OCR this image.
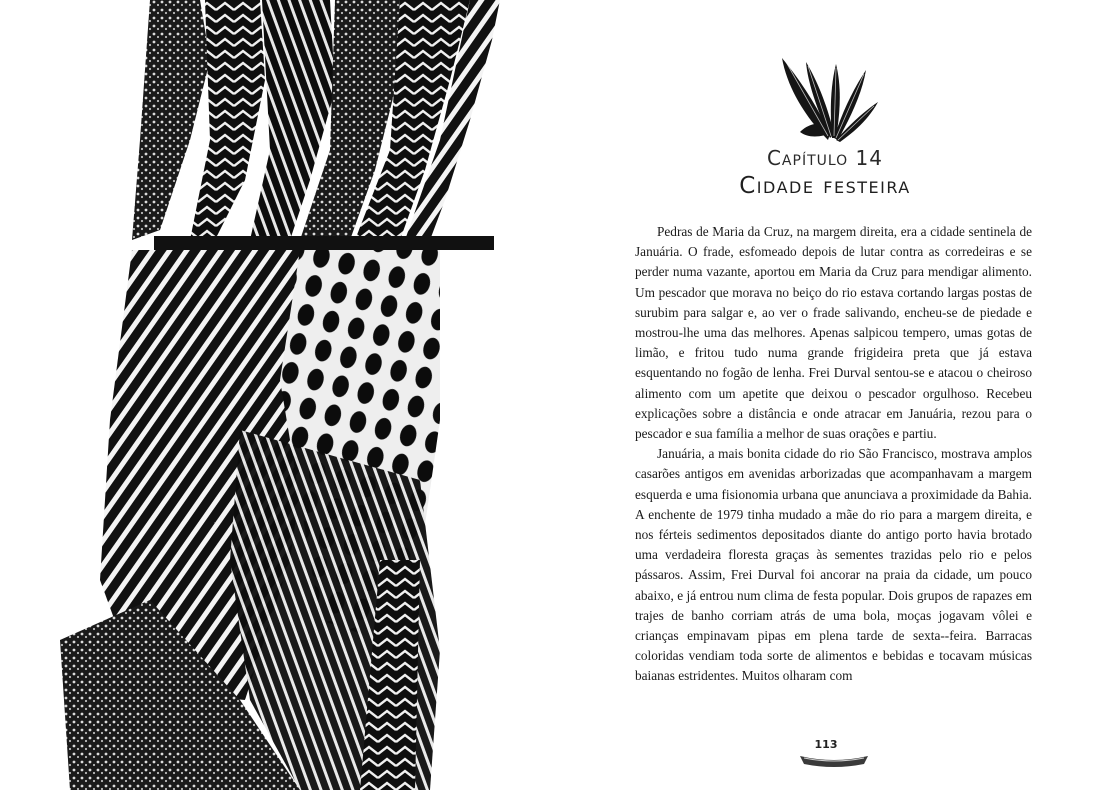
Capítulo 14
Cidade festeira

Pedras de Maria da Cruz, na margem direita, era a cidade sentinela de Januária. O frade, esfomeado depois de lutar contra as corredeiras e se perder numa vazante, aportou em Maria da Cruz para mendigar alimento. Um pescador que morava no beiço do rio estava cortando largas postas de surubim para salgar e, ao ver o frade salivando, encheu-se de piedade e mostrou-lhe uma das melhores. Apenas salpicou tempero, umas gotas de limão, e fritou tudo numa grande frigideira preta que já estava esquentando no fogão de lenha. Frei Durval sentou-se e atacou o cheiroso alimento com um apetite que deixou o pescador orgulhoso. Recebeu explicações sobre a distância e onde atracar em Januária, rezou para o pescador e sua família a melhor de suas orações e partiu.

Januária, a mais bonita cidade do rio São Francisco, mostrava amplos casarões antigos em avenidas arborizadas que acompanhavam a margem esquerda e uma fisionomia urbana que anunciava a proximidade da Bahia. A enchente de 1979 tinha mudado a mãe do rio para a margem direita, e nos férteis sedimentos depositados diante do antigo porto havia brotado uma verdadeira floresta graças às sementes trazidas pelo rio e pelos pássaros. Assim, Frei Durval foi ancorar na praia da cidade, um pouco abaixo, e já entrou num clima de festa popular. Dois grupos de rapazes em trajes de banho corriam atrás de uma bola, moças jogavam vôlei e crianças empinavam pipas em plena tarde de sexta--feira. Barracas coloridas vendiam toda sorte de alimentos e bebidas e tocavam músicas baianas estridentes. Muitos olharam com

113
